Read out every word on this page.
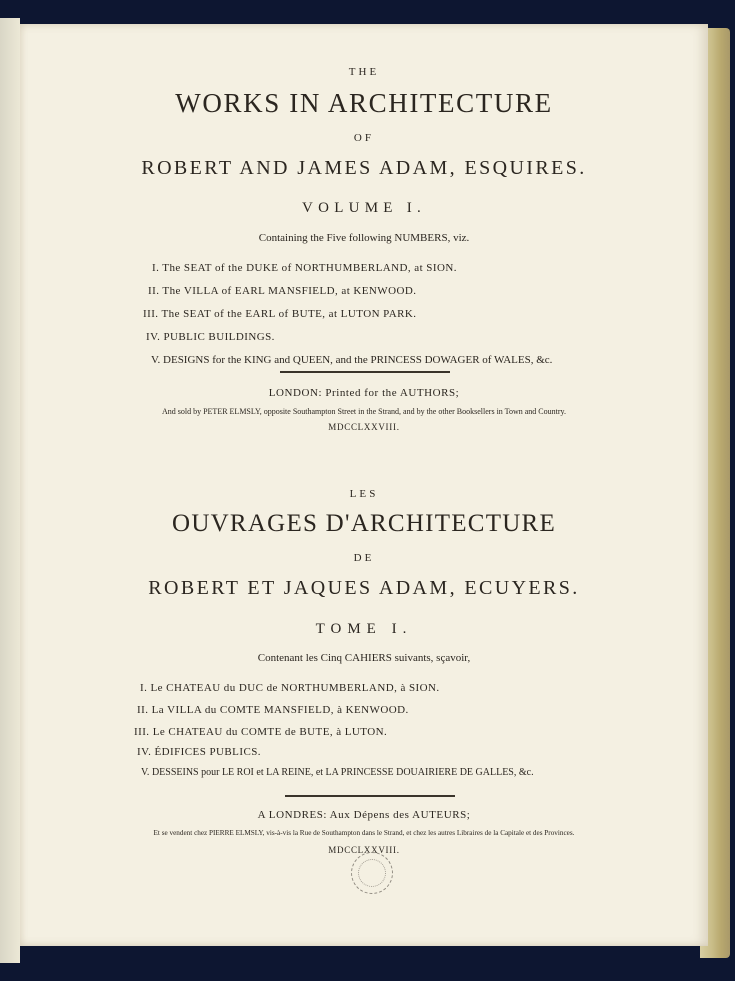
THE
WORKS IN ARCHITECTURE
OF
ROBERT AND JAMES ADAM, ESQUIRES.
VOLUME I.
Containing the Five following NUMBERS, viz.
I. The SEAT of the DUKE of NORTHUMBERLAND, at SION.
II. The VILLA of EARL MANSFIELD, at KENWOOD.
III. The SEAT of the EARL of BUTE, at LUTON PARK.
IV. PUBLIC BUILDINGS.
V. DESIGNS for the KING and QUEEN, and the PRINCESS DOWAGER of WALES, &c.
LONDON: Printed for the AUTHORS;
And sold by PETER ELMSLY, opposite Southampton Street in the Strand, and by the other Booksellers in Town and Country.
MDCCLXXVIII.
LES
OUVRAGES D'ARCHITECTURE
DE
ROBERT ET JAQUES ADAM, ECUYERS.
TOME I.
Contenant les Cinq CAHIERS suivants, sçavoir,
I. Le CHATEAU du DUC de NORTHUMBERLAND, à SION.
II. La VILLA du COMTE MANSFIELD, à KENWOOD.
III. Le CHATEAU du COMTE de BUTE, à LUTON.
IV. ÉDIFICES PUBLICS.
V. DESSEINS pour LE ROI et LA REINE, et LA PRINCESSE DOUAIRIERE DE GALLES, &c.
A LONDRES: Aux Dépens des AUTEURS;
Et se vendent chez PIERRE ELMSLY, vis-à-vis la Rue de Southampton dans le Strand, et chez les autres Libraires de la Capitale et des Provinces.
MDCCLXXVIII.
